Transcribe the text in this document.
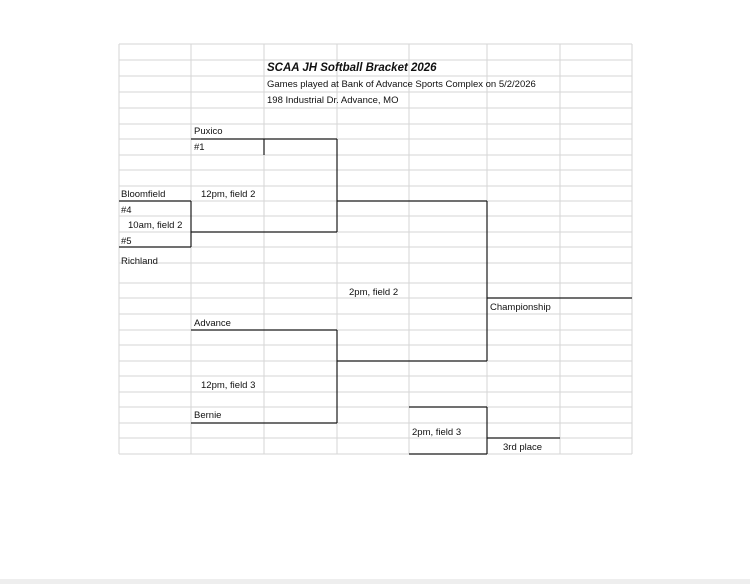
SCAA JH Softball Bracket 2026
Games played at Bank of Advance Sports Complex on 5/2/2026
198 Industrial Dr. Advance, MO
Puxico
#1
Bloomfield	12pm, field 2
#4
10am, field 2
#5
Richland
2pm, field 2
Championship
Advance
12pm, field 3
Bernie
2pm, field 3
3rd place
